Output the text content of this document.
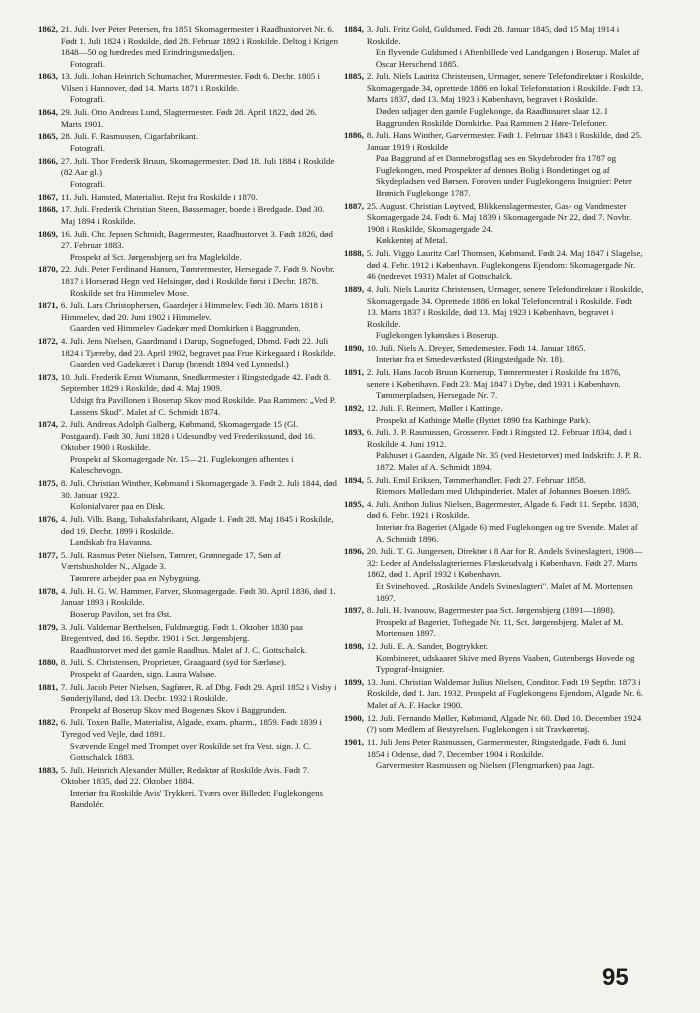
1862, 21. Juli. Iver Peter Petersen, fra 1851 Skomagermester i Raadhustorvet Nr. 6. Født 1. Juli 1824 i Roskilde, død 28. Februar 1892 i Roskilde. Deltog i Krigen 1848—50 og hædredes med Erindringsmedaljen.
Fotografi.
1863, 13. Juli. Johan Heinrich Schumacher, Murermester. Født 6. Decbr. 1805 i Vilsen i Hannover, død 14. Marts 1871 i Roskilde.
Fotografi.
1864, 29. Juli. Otto Andreas Lund, Slagtermester. Født 28. April 1822, død 26. Marts 1901.
1865, 28. Juli. F. Rasmussen, Cigarfabrikant.
Fotografi.
1866, 27. Juli. Thor Frederik Bruun, Skomagermester. Død 18. Juli 1884 i Roskilde (82 Aar gl.)
Fotografi.
1867, 11. Juli. Hansted, Materialist. Rejst fra Roskilde i 1870.
1868, 17. Juli. Frederik Christian Steen, Bøssemager, boede i Bredgade. Død 30. Maj 1894 i Roskilde.
1869, 16. Juli. Chr. Jepsen Schmidt, Bagermester, Raadhustorvet 3. Født 1826, død 27. Februar 1883.
Prospekt af Sct. Jørgensbjerg set fra Maglekilde.
1870, 22. Juli. Peter Ferdinand Hansen, Tømrermester, Hersegade 7. Født 9. Novbr. 1817 i Horserød Hegn ved Helsingør, død i Roskilde først i Decbr. 1878.
Roskilde set fra Himmelev Mose.
1871, 6. Juli. Lars Christophersen, Gaardejer i Himmelev. Født 30. Marts 1818 i Himmelev, død 20. Juni 1902 i Himmelev.
Gaarden ved Himmelev Gadekær med Domkirken i Baggrunden.
1872, 4. Juli. Jens Nielsen, Gaardmand i Darup, Sognefoged, Dbmd. Født 22. Juli 1824 i Tjæreby, død 23. April 1902, begravet paa Frue Kirkegaard i Roskilde.
Gaarden ved Gadekæret i Darup (brændt 1894 ved Lynnedsl.)
1873, 10. Juli. Frederik Ernst Wismann, Snedkermester i Ringstedgade 42. Født 8. September 1829 i Roskilde, død 4. Maj 1909.
Udsigt fra Pavillonen i Boserup Skov mod Roskilde. Paa Rammen: „Ved P. Lassens Skud". Malet af C. Schmidt 1874.
1874, 2. Juli. Andreas Adolph Galberg, Købmand, Skomagergade 15 (Gl. Postgaard). Født 30. Juni 1828 i Udesundby ved Frederikssund, død 16. Oktober 1900 i Roskilde.
Prospekt af Skomagergade Nr. 15—21. Fuglekongen afhentes i Kaleschevogn.
1875, 8. Juli. Christian Winther, Købmand i Skomagergade 3. Født 2. Juli 1844, død 30. Januar 1922.
Kolonialvarer paa en Disk.
1876, 4. Juli. Vilh. Bang, Tobaksfabrikant, Algade 1. Født 28. Maj 1845 i Roskilde, død 19. Decbr. 1899 i Roskilde.
Landskab fra Havanna.
1877, 5. Juli. Rasmus Peter Nielsen, Tømrer, Grønnegade 17, Søn af Værtshusholder N., Algade 3.
Tømrere arbejder paa en Nybygning.
1878, 4. Juli. H. G. W. Hammer, Farver, Skomagergade. Født 30. April 1836, død 1. Januar 1893 i Roskilde.
Boserup Pavilon, set fra Øst.
1879, 3. Juli. Valdemar Berthelsen, Fuldmægtig. Født 1. Oktober 1830 paa Bregentved, død 16. Septbr. 1901 i Sct. Jørgensbjerg.
Raadhustorvet med det gamle Raadhus. Malet af J. C. Gottschalck.
1880, 8. Juli. S. Christensen, Proprietær, Graagaard (syd for Særløse).
Prospekt af Gaarden, sign. Laura Walsøe.
1881, 7. Juli. Jacob Peter Nielsen, Sagfører, R. af Dbg. Født 29. April 1852 i Visby i Sønderjylland, død 13. Decbr. 1932 i Roskilde.
Prospekt af Boserup Skov med Bogenæs Skov i Baggrunden.
1882, 6. Juli. Toxen Balle, Materialist, Algade, exam. pharm., 1859. Født 1839 i Tyregod ved Vejle, død 1891.
Svævende Engel med Trompet over Roskilde set fra Vest. sign. J. C. Gottschalck 1883.
1883, 5. Juli. Heinrich Alexander Müller, Redaktør af Roskilde Avis. Født 7. Oktober 1835, død 22. Oktober 1884.
Interiør fra Roskilde Avis' Trykkeri. Tværs over Billedet: Fuglekongens Bandolér.
1884, 3. Juli. Fritz Gold, Guldsmed. Født 28. Januar 1845, død 15 Maj 1914 i Roskilde.
En flyvende Guldsmed i Aftenbillede ved Landgangen i Boserup. Malet af Oscar Herschend 1885.
1885, 2. Juli. Niels Lauritz Christensen, Urmager, senere Telefondirektør i Roskilde, Skomagergade 34, oprettede 1886 en lokal Telefonstation i Roskilde. Født 13. Marts 1837, død 13. Maj 1923 i København, begravet i Roskilde.
Døden udjager den gamle Fuglekonge, da Raadhusuret slaar 12. I Baggrunden Roskilde Domkirke. Paa Rammen 2 Høre-Telefoner.
1886, 8. Juli. Hans Winther, Garvermester. Født 1. Februar 1843 i Roskilde, død 25. Januar 1919 i Roskilde
Paa Baggrund af et Dannebrogsflag ses en Skydebroder fra 1787 og Fuglekongen, med Prospekter af dennes Bolig i Bondetinget og af Skydepladsen ved Børsen. Foroven under Fuglekongens Insignier: Peter Brønich Fuglekonge 1787.
1887, 25. August. Christian Løytved, Blikkenslagermester, Gas- og Vandmester Skomagergade 24. Født 6. Maj 1839 i Skomagergade Nr 22, død 7. Novbr. 1908 i Roskilde, Skomagergade 24.
Køkkentøj af Metal.
1888, 5. Juli. Viggo Lauritz Carl Thomsen, Købmand. Født 24. Maj 1847 i Slagelse, død 4. Febr. 1912 i København. Fuglekongens Ejendom: Skomagergade Nr. 46 (nedrevet 1931) Malet af Gottschalck.
1889, 4. Juli. Niels Lauritz Christensen, Urmager, senere Telefondirektør i Roskilde, Skomagergade 34. Oprettede 1886 en lokal Telefoncentral i Roskilde. Født 13. Marts 1837 i Roskilde, død 13. Maj 1923 i København, begravet i Roskilde.
Fuglekongen lykønskes i Boserup.
1890, 10. Juli. Niels A. Dreyer, Smedemester. Født 14. Januar 1865.
Interiør fra et Smedeværksted (Ringstedgade Nr. 18).
1891, 2. Juli. Hans Jacob Bruun Kornerup, Tømrermester i Roskilde fra 1876, senere i København. Født 23. Maj 1847 i Dybe, død 1931 i København.
Tømmerpladsen, Hersegade Nr. 7.
1892, 12. Juli. F. Reimert, Møller i Kattinge.
Prospekt af Kathinge Mølle (flyttet 1890 fra Kathinge Park).
1893, 6. Juli. J. P. Rasmussen, Grosserer. Født i Ringsted 12. Februar 1834, død i Roskilde 4. Juni 1912.
Pakhuset i Gaarden, Algade Nr. 35 (ved Hestetorvet) med Indskrift: J. P. R. 1872. Malet af A. Schmidt 1894.
1894, 5. Juli. Emil Eriksen, Tømmerhandler. Født 27. Februar 1858.
Riemors Mølledam med Uldspinderiet. Malet af Johannes Boesen 1895.
1895, 4. Juli. Anthon Julius Nielsen, Bagermester, Algade 6. Født 11. Septbr. 1838, død 6. Febr. 1921 i Roskilde.
Interiør fra Bageriet (Algade 6) med Fuglekongen og tre Svende. Malet af A. Schmidt 1896.
1896, 20. Juli. T. G. Jungersen, Direktør i 8 Aar for R. Andels Svineslagteri, 1908—32: Leder af Andelsslagteriernes Flæskeudvalg i København. Født 27. Marts 1862, død 1. April 1932 i København.
Et Svinehoved. „Roskilde Andels Svineslagteri". Malet af M. Mortensen 1897.
1897, 8. Juli. H. Ivanouw, Bagermester paa Sct. Jørgensbjerg (1891—1898).
Prospekt af Bageriet, Toftegade Nr. 11, Sct. Jørgensbjerg. Malet af M. Mortensen 1897.
1898, 12. Juli. E. A. Sander, Bogtrykker.
Kombineret, udskaaret Skive med Byens Vaaben, Gutenbergs Hovede og Typograf-Insignier.
1899, 13. Juni. Christian Waldemar Julius Nielsen, Conditor. Født 19 Septbr. 1873 i Roskilde, død 1. Jan. 1932. Prospekt af Fuglekongens Ejendom, Algade Nr. 6. Malet af A. F. Hacke 1900.
1900, 12. Juli. Fernando Møller, Købmand, Algade Nr. 60. Død 10. December 1924 (?) som Medlem af Bestyrelsen. Fuglekongen i sit Travkøretøj.
1901, 11. Juli Jens Peter Rasmussen, Garmermester, Ringstedgade. Født 6. Juni 1854 i Odense, død 7. December 1904 i Roskilde.
Garvermester Rasmussen og Nielsen (Flengmarken) paa Jagt.
95
